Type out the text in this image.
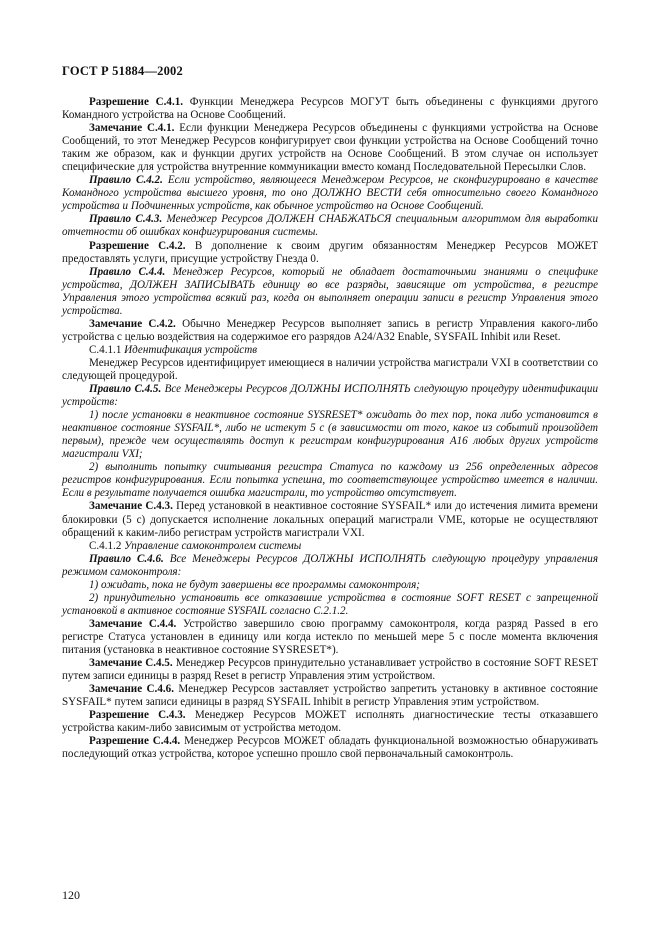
ГОСТ Р 51884—2002

Разрешение С.4.1. Функции Менеджера Ресурсов МОГУТ быть объединены с функциями другого Командного устройства на Основе Сообщений.

Замечание С.4.1. Если функции Менеджера Ресурсов объединены с функциями устройства на Основе Сообщений, то этот Менеджер Ресурсов конфигурирует свои функции устройства на Основе Сообщений точно таким же образом, как и функции других устройств на Основе Сообщений. В этом случае он использует специфические для устройства внутренние коммуникации вместо команд Последовательной Пересылки Слов.

Правило С.4.2. Если устройство, являющееся Менеджером Ресурсов, не сконфигурировано в качестве Командного устройства высшего уровня, то оно ДОЛЖНО ВЕСТИ себя относительно своего Командного устройства и Подчиненных устройств, как обычное устройство на Основе Сообщений.

Правило С.4.3. Менеджер Ресурсов ДОЛЖЕН СНАБЖАТЬСЯ специальным алгоритмом для выработки отчетности об ошибках конфигурирования системы.

Разрешение С.4.2. В дополнение к своим другим обязанностям Менеджер Ресурсов МОЖЕТ предоставлять услуги, присущие устройству Гнезда 0.

Правило С.4.4. Менеджер Ресурсов, который не обладает достаточными знаниями о специфике устройства, ДОЛЖЕН ЗАПИСЫВАТЬ единицу во все разряды, зависящие от устройства, в регистре Управления этого устройства всякий раз, когда он выполняет операции записи в регистр Управления этого устройства.

Замечание С.4.2. Обычно Менеджер Ресурсов выполняет запись в регистр Управления какого-либо устройства с целью воздействия на содержимое его разрядов A24/A32 Enable, SYSFAIL Inhibit или Reset.

С.4.1.1 Идентификация устройств

Менеджер Ресурсов идентифицирует имеющиеся в наличии устройства магистрали VXI в соответствии со следующей процедурой.

Правило С.4.5. Все Менеджеры Ресурсов ДОЛЖНЫ ИСПОЛНЯТЬ следующую процедуру идентификации устройств:

1) после установки в неактивное состояние SYSRESET* ожидать до тех пор, пока либо установится в неактивное состояние SYSFAIL*, либо не истекут 5 с (в зависимости от того, какое из событий произойдет первым), прежде чем осуществлять доступ к регистрам конфигурирования А16 любых других устройств магистрали VXI;

2) выполнить попытку считывания регистра Статуса по каждому из 256 определенных адресов регистров конфигурирования. Если попытка успешна, то соответствующее устройство имеется в наличии. Если в результате получается ошибка магистрали, то устройство отсутствует.

Замечание С.4.3. Перед установкой в неактивное состояние SYSFAIL* или до истечения лимита времени блокировки (5 с) допускается исполнение локальных операций магистрали VME, которые не осуществляют обращений к каким-либо регистрам устройств магистрали VXI.

С.4.1.2 Управление самоконтролем системы

Правило С.4.6. Все Менеджеры Ресурсов ДОЛЖНЫ ИСПОЛНЯТЬ следующую процедуру управления режимом самоконтроля:

1) ожидать, пока не будут завершены все программы самоконтроля;

2) принудительно установить все отказавшие устройства в состояние SOFT RESET с запрещенной установкой в активное состояние SYSFAIL согласно С.2.1.2.

Замечание С.4.4. Устройство завершило свою программу самоконтроля, когда разряд Passed в его регистре Статуса установлен в единицу или когда истекло по меньшей мере 5 с после момента включения питания (установка в неактивное состояние SYSRESET*).

Замечание С.4.5. Менеджер Ресурсов принудительно устанавливает устройство в состояние SOFT RESET путем записи единицы в разряд Reset в регистр Управления этим устройством.

Замечание С.4.6. Менеджер Ресурсов заставляет устройство запретить установку в активное состояние SYSFAIL* путем записи единицы в разряд SYSFAIL Inhibit в регистр Управления этим устройством.

Разрешение С.4.3. Менеджер Ресурсов МОЖЕТ исполнять диагностические тесты отказавшего устройства каким-либо зависимым от устройства методом.

Разрешение С.4.4. Менеджер Ресурсов МОЖЕТ обладать функциональной возможностью обнаруживать последующий отказ устройства, которое успешно прошло свой первоначальный самоконтроль.

120
